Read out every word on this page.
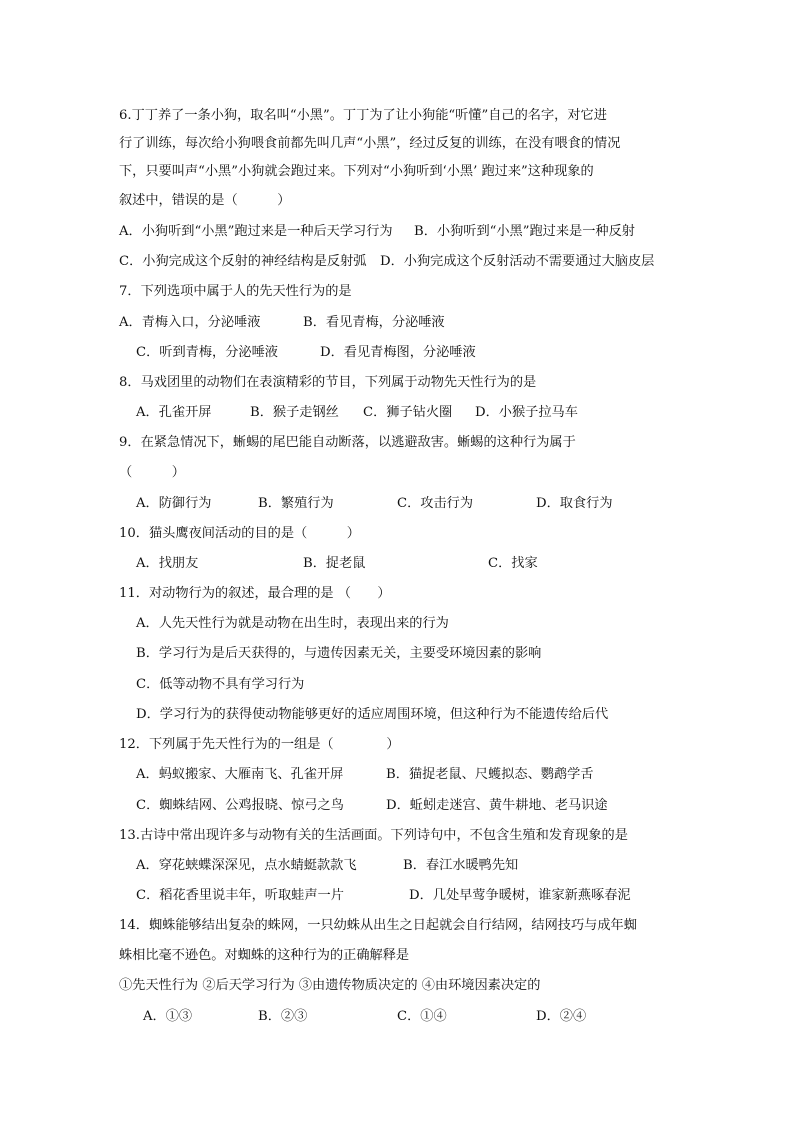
6.丁丁养了一条小狗，取名叫“小黑”。丁丁为了让小狗能“听懂”自己的名字，对它进
行了训练，每次给小狗喂食前都先叫几声“小黑”，经过反复的训练，在没有喂食的情况
下，只要叫声“小黑”小狗就会跑过来。下列对“小狗听到‘小黑’ 跑过来”这种现象的
叙述中，错误的是（　　　）
A．小狗听到“小黑”跑过来是一种后天学习行为 B．小狗听到“小黑”跑过来是一种反射
C．小狗完成这个反射的神经结构是反射弧 D．小狗完成这个反射活动不需要通过大脑皮层
7．下列选项中属于人的先天性行为的是
A．青梅入口，分泌唾液	B．看见青梅，分泌唾液
C．听到青梅，分泌唾液	D．看见青梅图，分泌唾液
8．马戏团里的动物们在表演精彩的节目，下列属于动物先天性行为的是
A．孔雀开屏	B．猴子走钢丝 C．狮子钻火圈 D．小猴子拉马车
9．在紧急情况下，蜥蜴的尾巴能自动断落，以逃避敌害。蜥蜴的这种行为属于
（　　　）
A．防御行为	B．繁殖行为	C．攻击行为	D．取食行为
10．猫头鹰夜间活动的目的是（　　　）
A．找朋友	B．捉老鼠	C．找家
11．对动物行为的叙述，最合理的是 （　　）
A．人先天性行为就是动物在出生时，表现出来的行为
B．学习行为是后天获得的，与遗传因素无关，主要受环境因素的影响
C．低等动物不具有学习行为
D．学习行为的获得使动物能够更好的适应周围环境，但这种行为不能遗传给后代
12．下列属于先天性行为的一组是（　　　　）
A．蚂蚁搬家、大雁南飞、孔雀开屏	B．猫捉老鼠、尺蠖拟态、鹦鹉学舌
C．蜘蛛结网、公鸡报晓、惊弓之鸟	D．蚯蚓走迷宫、黄牛耕地、老马识途
13.古诗中常出现许多与动物有关的生活画面。下列诗句中，不包含生殖和发育现象的是
A．穿花蛱蝶深深见，点水蜻蜓款款飞	B．春江水暖鸭先知
C．稻花香里说丰年，听取蛙声一片	D．几处早莺争暖树，谁家新燕啄春泥
14．蜘蛛能够结出复杂的蛛网，一只幼蛛从出生之日起就会自行结网，结网技巧与成年蜘
蛛相比毫不逊色。对蜘蛛的这种行为的正确解释是
①先天性行为 ②后天学习行为 ③由遗传物质决定的 ④由环境因素决定的
A．①③	B．②③	C．①④	D．②④
